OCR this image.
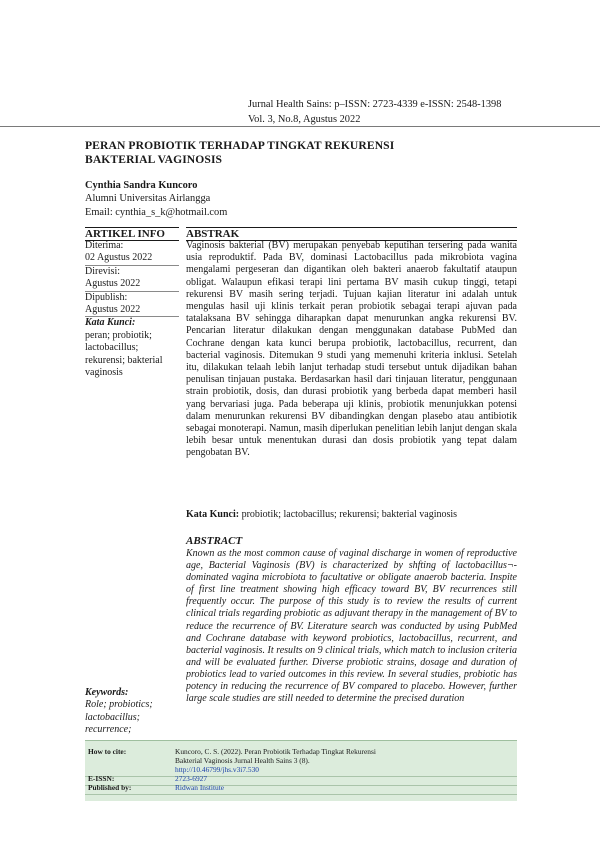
Jurnal Health Sains: p–ISSN: 2723-4339 e-ISSN: 2548-1398
Vol. 3, No.8, Agustus 2022
PERAN PROBIOTIK TERHADAP TINGKAT REKURENSI
BAKTERIAL VAGINOSIS
Cynthia Sandra Kuncoro
Alumni Universitas Airlangga
Email: cynthia_s_k@hotmail.com
ARTIKEL INFO	ABSTRAK
Diterima:
02 Agustus 2022
Direvisi:
Agustus 2022
Dipublish:
Agustus 2022
Kata Kunci:
peran; probiotik; lactobacillus; rekurensi; bakterial vaginosis
Keywords:
Role; probiotics; lactobacillus; recurrence;
Vaginosis bakterial (BV) merupakan penyebab keputihan tersering pada wanita usia reproduktif. Pada BV, dominasi Lactobacillus pada mikrobiota vagina mengalami pergeseran dan digantikan oleh bakteri anaerob fakultatif ataupun obligat. Walaupun efikasi terapi lini pertama BV masih cukup tinggi, tetapi rekurensi BV masih sering terjadi. Tujuan kajian literatur ini adalah untuk mengulas hasil uji klinis terkait peran probiotik sebagai terapi ajuvan pada tatalaksana BV sehingga diharapkan dapat menurunkan angka rekurensi BV. Pencarian literatur dilakukan dengan menggunakan database PubMed dan Cochrane dengan kata kunci berupa probiotik, lactobacillus, recurrent, dan bacterial vaginosis. Ditemukan 9 studi yang memenuhi kriteria inklusi. Setelah itu, dilakukan telaah lebih lanjut terhadap studi tersebut untuk dijadikan bahan penulisan tinjauan pustaka. Berdasarkan hasil dari tinjauan literatur, penggunaan strain probiotik, dosis, dan durasi probiotik yang berbeda dapat memberi hasil yang bervariasi juga. Pada beberapa uji klinis, probiotik menunjukkan potensi dalam menurunkan rekurensi BV dibandingkan dengan plasebo atau antibiotik sebagai monoterapi. Namun, masih diperlukan penelitian lebih lanjut dengan skala lebih besar untuk menentukan durasi dan dosis probiotik yang tepat dalam pengobatan BV.
Kata Kunci: probiotik; lactobacillus; rekurensi; bakterial vaginosis
ABSTRACT
Known as the most common cause of vaginal discharge in women of reproductive age, Bacterial Vaginosis (BV) is characterized by shfting of lactobacillus¬-dominated vagina microbiota to facultative or obligate anaerob bacteria. Inspite of first line treatment showing high efficacy toward BV, BV recurrences still frequently occur. The purpose of this study is to review the results of current clinical trials regarding probiotic as adjuvant therapy in the management of BV to reduce the recurrence of BV. Literature search was conducted by using PubMed and Cochrane database with keyword probiotics, lactobacillus, recurrent, and bacterial vaginosis. It results on 9 clinical trials, which match to inclusion criteria and will be evaluated further. Diverse probiotic strains, dosage and duration of probiotics lead to varied outcomes in this review. In several studies, probiotic has potency in reducing the recurrence of BV compared to placebo. However, further large scale studies are still needed to determine the precised duration
How to cite:
E-ISSN:
Published by:
Kuncoro, C. S. (2022). Peran Probiotik Terhadap Tingkat Rekurensi
Bakterial Vaginosis Jurnal Health Sains 3 (8).
http://10.46799/jhs.v3i7.530
2723-6927
Ridwan Institute
